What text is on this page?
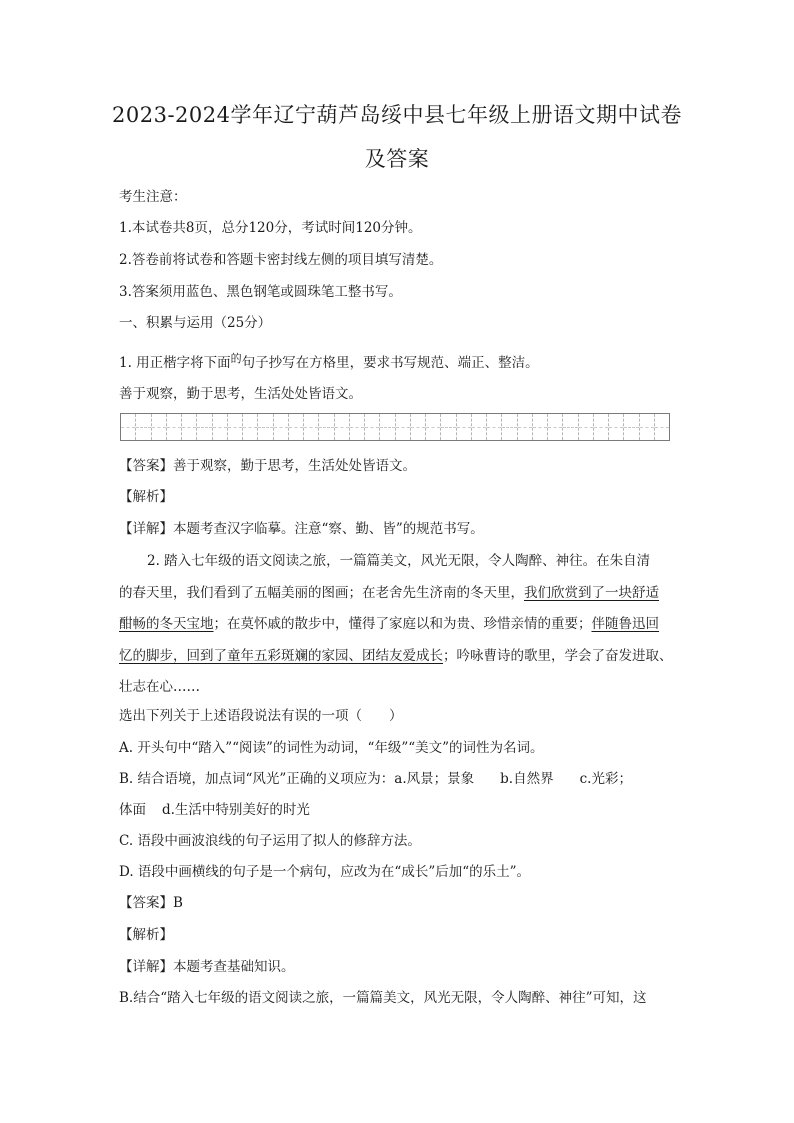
2023-2024学年辽宁葫芦岛绥中县七年级上册语文期中试卷
及答案
考生注意：
1.本试卷共8页，总分120分，考试时间120分钟。
2.答卷前将试卷和答题卡密封线左侧的项目填写清楚。
3.答案须用蓝色、黑色钢笔或圆珠笔工整书写。
一、积累与运用（25分）
1. 用正楷字将下面$^的$句子抄写在方格里，要求书写规范、端正、整洁。
善于观察，勤于思考，生活处处皆语文。
【答案】善于观察，勤于思考，生活处处皆语文。
【解析】
【详解】本题考查汉字临摹。注意“察、勤、皆”的规范书写。
2. 踏入七年级的语文阅读之旅，一篇篇美文，风光无限，令人陶醉、神往。在朱自清
的春天里，我们看到了五幅美丽的图画；在老舍先生济南的冬天里，我们欣赏到了一块舒适
酣畅的冬天宝地；在莫怀戚的散步中，懂得了家庭以和为贵、珍惜亲情的重要；伴随鲁迅回
忆的脚步，回到了童年五彩斑斓的家园、团结友爱成长；吟咏曹诗的歌里，学会了奋发进取、
壮志在心……
选出下列关于上述语段说法有误的一项（　　）
A. 开头句中“踏入”“阅读”的词性为动词，“年级”“美文”的词性为名词。
B. 结合语境，加点词“风光”正确的义项应为：a.风景；景象 b.自然界 c.光彩；
体面 d.生活中特别美好的时光
C. 语段中画波浪线的句子运用了拟人的修辞方法。
D. 语段中画横线的句子是一个病句，应改为在“成长”后加“的乐土”。
【答案】B
【解析】
【详解】本题考查基础知识。
B.结合“踏入七年级的语文阅读之旅，一篇篇美文，风光无限，令人陶醉、神往”可知，这
